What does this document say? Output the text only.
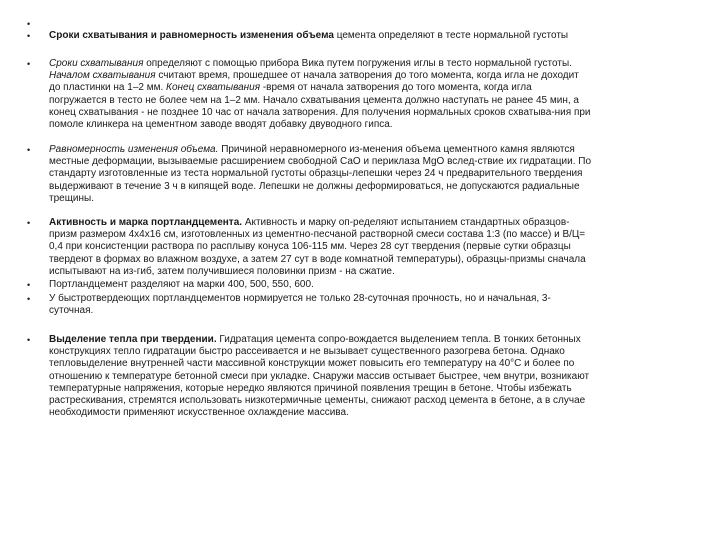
•
• Сроки схватывания и равномерность изменения объема цемента определяют в тесте нормальной густоты
• Сроки схватывания определяют с помощью прибора Вика путем погружения иглы в тесто нормальной густоты.
Началом схватывания считают время, прошедшее от начала затворения до того момента, когда игла не доходит
до пластинки на 1–2 мм. Конец схватывания -время от начала затворения до того момента, когда игла
погружается в тесто не более чем на 1–2 мм. Начало схватывания цемента должно наступать не ранее 45 мин, а
конец схватывания - не позднее 10 час от начала затворения. Для получения нормальных сроков схватыва-ния при
помоле клинкера на цементном заводе вводят добавку двуводного гипса.
• Равномерность изменения объема. Причиной неравномерного из-менения объема цементного камня являются
местные деформации, вызываемые расширением свободной СаО и периклаза MgO вслед-ствие их гидратации. По
стандарту изготовленные из теста нормальной густоты образцы-лепешки через 24 ч предварительного твердения
выдерживают в течение 3 ч в кипящей воде. Лепешки не должны деформироваться, не допускаются радиальные
трещины.
• Активность и марка портландцемента. Активность и марку оп-ределяют испытанием стандартных образцов-
призм размером 4х4х16 см, изготовленных из цементно-песчаной растворной смеси состава 1:3 (по массе) и В/Ц=
0,4 при консистенции раствора по расплыву конуса 106-115 мм. Через 28 сут твердения (первые сутки образцы
твердеют в формах во влажном воздухе, а затем 27 сут в воде комнатной температуры), образцы-призмы сначала
испытывают на из-гиб, затем получившиеся половинки призм - на сжатие.
• Портландцемент разделяют на марки 400, 500, 550, 600.
• У быстротвердеющих портландцементов нормируется не только 28-суточная прочность, но и начальная, 3-
суточная.
• Выделение тепла при твердении. Гидратация цемента сопро-вождается выделением тепла. В тонких бетонных
конструкциях тепло гидратации быстро рассеивается и не вызывает существенного разогрева бетона. Однако
тепловыделение внутренней части массивной конструкции может повысить его температуру на 40°С и более по
отношению к температуре бетонной смеси при укладке. Снаружи массив остывает быстрее, чем внутри, возникают
температурные напряжения, которые нередко являются причиной появления трещин в бетоне. Чтобы избежать
растрескивания, стремятся использовать низкотермичные цементы, снижают расход цемента в бетоне, а в случае
необходимости применяют искусственное охлаждение массива.
